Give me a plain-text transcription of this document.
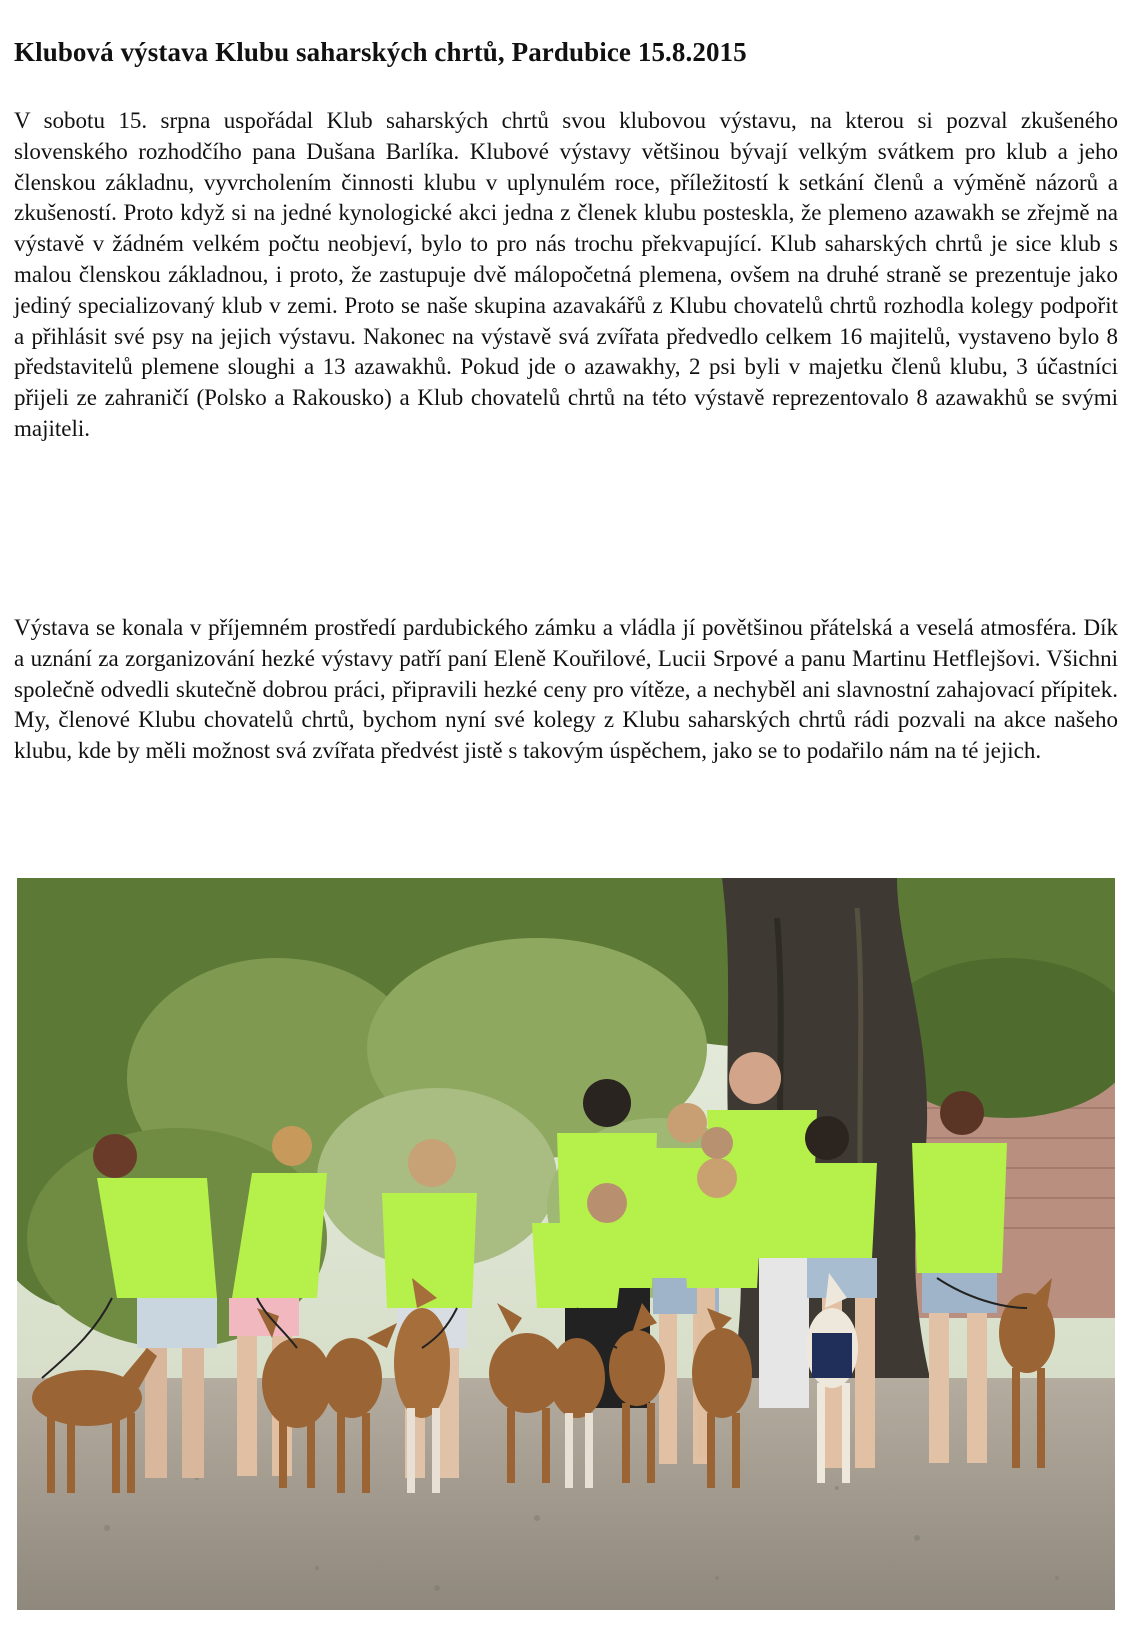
Klubová výstava Klubu saharských chrtů, Pardubice 15.8.2015

V sobotu 15. srpna uspořádal Klub saharských chrtů svou klubovou výstavu, na kterou si pozval zkušeného slovenského rozhodčího pana Dušana Barlíka. Klubové výstavy většinou bývají velkým svátkem pro klub a jeho členskou základnu, vyvrcholením činnosti klubu v uplynulém roce, příležitostí k setkání členů a výměně názorů a zkušeností. Proto když si na jedné kynologické akci jedna z členek klubu posteskla, že plemeno azawakh se zřejmě na výstavě v žádném velkém počtu neobjeví, bylo to pro nás trochu překvapující. Klub saharských chrtů je sice klub s malou členskou základnou, i proto, že zastupuje dvě málopočetná plemena, ovšem na druhé straně se prezentuje jako jediný specializovaný klub v zemi. Proto se naše skupina azavakářů z Klubu chovatelů chrtů rozhodla kolegy podpořit a přihlásit své psy na jejich výstavu. Nakonec na výstavě svá zvířata předvedlo celkem 16 majitelů, vystaveno bylo 8 představitelů plemene sloughi a 13 azawakhů. Pokud jde o azawakhy, 2 psi byli v majetku členů klubu, 3 účastníci přijeli ze zahraničí (Polsko a Rakousko) a Klub chovatelů chrtů na této výstavě reprezentovalo 8 azawakhů se svými majiteli.

Výstava se konala v příjemném prostředí pardubického zámku a vládla jí povětšinou přátelská a veselá atmosféra. Dík a uznání za zorganizování hezké výstavy patří paní Eleně Kouřilové, Lucii Srpové a panu Martinu Hetflejšovi. Všichni společně odvedli skutečně dobrou práci, připravili hezké ceny pro vítěze, a nechyběl ani slavnostní zahajovací přípitek. My, členové Klubu chovatelů chrtů, bychom nyní své kolegy z Klubu saharských chrtů rádi pozvali na akce našeho klubu, kde by měli možnost svá zvířata předvést jistě s takovým úspěchem, jako se to podařilo nám na té jejich.
